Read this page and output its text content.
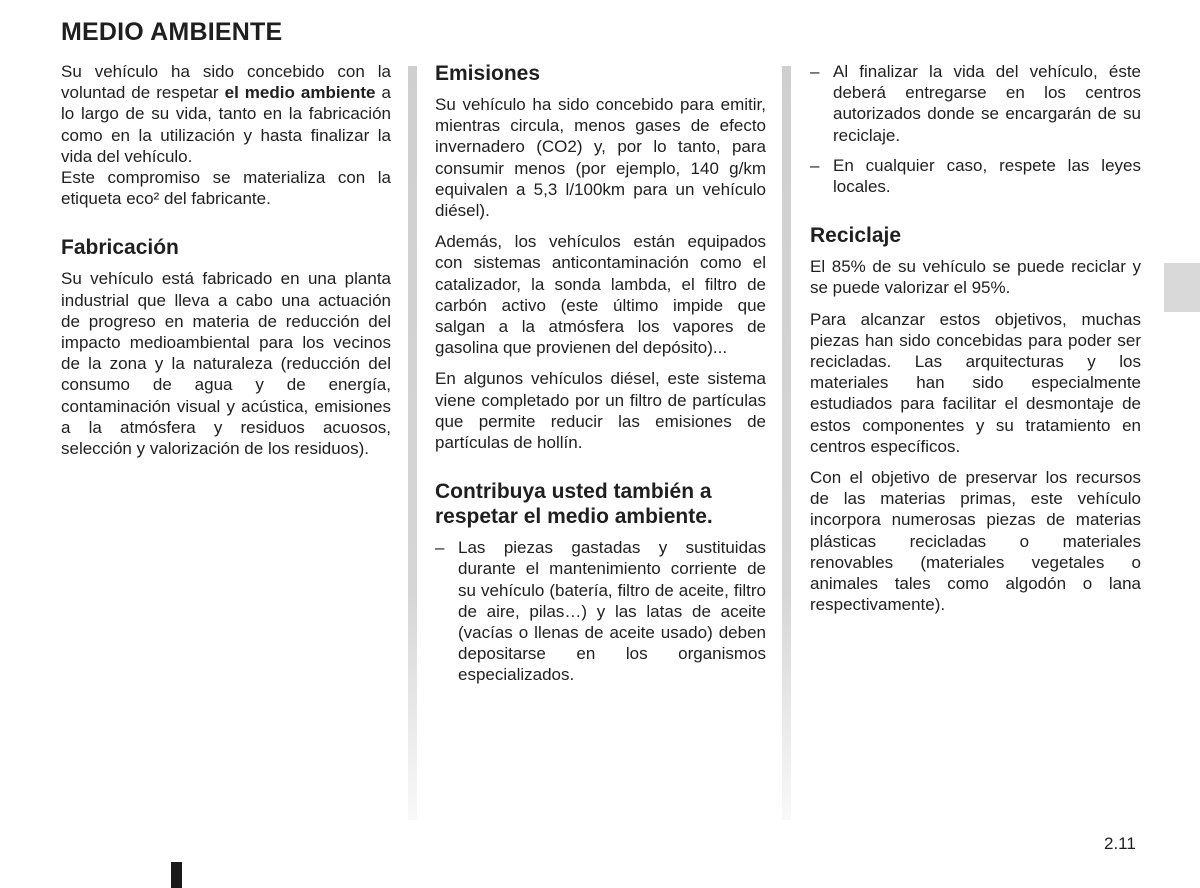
MEDIO AMBIENTE

Su vehículo ha sido concebido con la voluntad de respetar el medio ambiente a lo largo de su vida, tanto en la fabricación como en la utilización y hasta finalizar la vida del vehículo.

Este compromiso se materializa con la etiqueta eco² del fabricante.

Fabricación

Su vehículo está fabricado en una planta industrial que lleva a cabo una actuación de progreso en materia de reducción del impacto medioambiental para los vecinos de la zona y la naturaleza (reducción del consumo de agua y de energía, contaminación visual y acústica, emisiones a la atmósfera y residuos acuosos, selección y valorización de los residuos).

Emisiones

Su vehículo ha sido concebido para emitir, mientras circula, menos gases de efecto invernadero (CO2) y, por lo tanto, para consumir menos (por ejemplo, 140 g/km equivalen a 5,3 l/100km para un vehículo diésel).

Además, los vehículos están equipados con sistemas anticontaminación como el catalizador, la sonda lambda, el filtro de carbón activo (este último impide que salgan a la atmósfera los vapores de gasolina que provienen del depósito)...

En algunos vehículos diésel, este sistema viene completado por un filtro de partículas que permite reducir las emisiones de partículas de hollín.

Contribuya usted también a respetar el medio ambiente.
– Las piezas gastadas y sustituidas durante el mantenimiento corriente de su vehículo (batería, filtro de aceite, filtro de aire, pilas…) y las latas de aceite (vacías o llenas de aceite usado) deben depositarse en los organismos especializados.
– Al finalizar la vida del vehículo, éste deberá entregarse en los centros autorizados donde se encargarán de su reciclaje.
– En cualquier caso, respete las leyes locales.
Reciclaje

El 85% de su vehículo se puede reciclar y se puede valorizar el 95%.

Para alcanzar estos objetivos, muchas piezas han sido concebidas para poder ser recicladas. Las arquitecturas y los materiales han sido especialmente estudiados para facilitar el desmontaje de estos componentes y su tratamiento en centros específicos.

Con el objetivo de preservar los recursos de las materias primas, este vehículo incorpora numerosas piezas de materias plásticas recicladas o materiales renovables (materiales vegetales o animales tales como algodón o lana respectivamente).

2.11
